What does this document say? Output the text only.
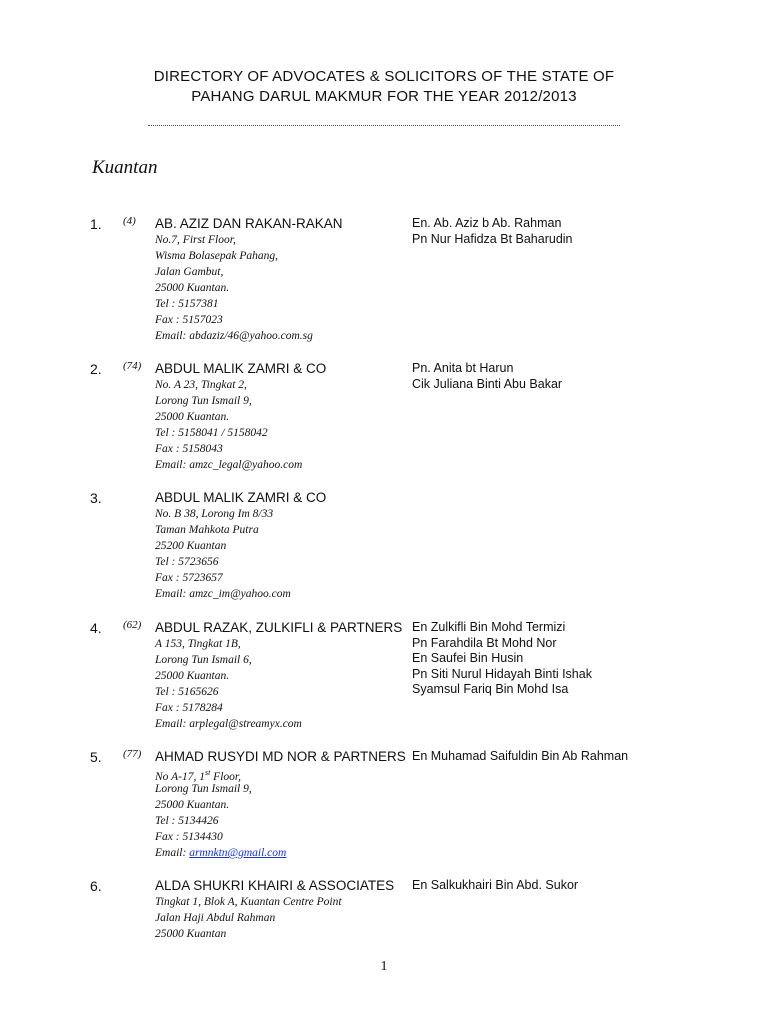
DIRECTORY OF ADVOCATES & SOLICITORS OF THE STATE OF
PAHANG DARUL MAKMUR FOR THE YEAR 2012/2013
Kuantan
1. (4) AB. AZIZ DAN RAKAN-RAKAN
No.7, First Floor,
Wisma Bolasepak Pahang,
Jalan Gambut,
25000 Kuantan.
Tel : 5157381
Fax : 5157023
Email: abdaziz/46@yahoo.com.sg
En. Ab. Aziz b Ab. Rahman
Pn Nur Hafidza Bt Baharudin
2. (74) ABDUL MALIK ZAMRI & CO
No. A 23, Tingkat 2,
Lorong Tun Ismail 9,
25000 Kuantan.
Tel : 5158041 / 5158042
Fax : 5158043
Email: amzc_legal@yahoo.com
Pn. Anita bt Harun
Cik Juliana Binti Abu Bakar
3.	ABDUL MALIK ZAMRI & CO
No. B 38, Lorong Im 8/33
Taman Mahkota Putra
25200 Kuantan
Tel : 5723656
Fax : 5723657
Email: amzc_im@yahoo.com
4. (62) ABDUL RAZAK, ZULKIFLI & PARTNERS
A 153, Tingkat 1B,
Lorong Tun Ismail 6,
25000 Kuantan.
Tel : 5165626
Fax : 5178284
Email: arplegal@streamyx.com
En Zulkifli Bin Mohd Termizi
Pn Farahdila Bt Mohd Nor
En Saufei Bin Husin
Pn Siti Nurul Hidayah Binti Ishak
Syamsul Fariq Bin Mohd Isa
5. (77) AHMAD RUSYDI MD NOR & PARTNERS
No A-17, 1st Floor,
Lorong Tun Ismail 9,
25000 Kuantan.
Tel : 5134426
Fax : 5134430
Email: armnktn@gmail.com
En Muhamad Saifuldin Bin Ab Rahman
6.	ALDA SHUKRI KHAIRI & ASSOCIATES
Tingkat 1, Blok A, Kuantan Centre Point
Jalan Haji Abdul Rahman
25000 Kuantan
En Salkukhairi Bin Abd. Sukor
1
